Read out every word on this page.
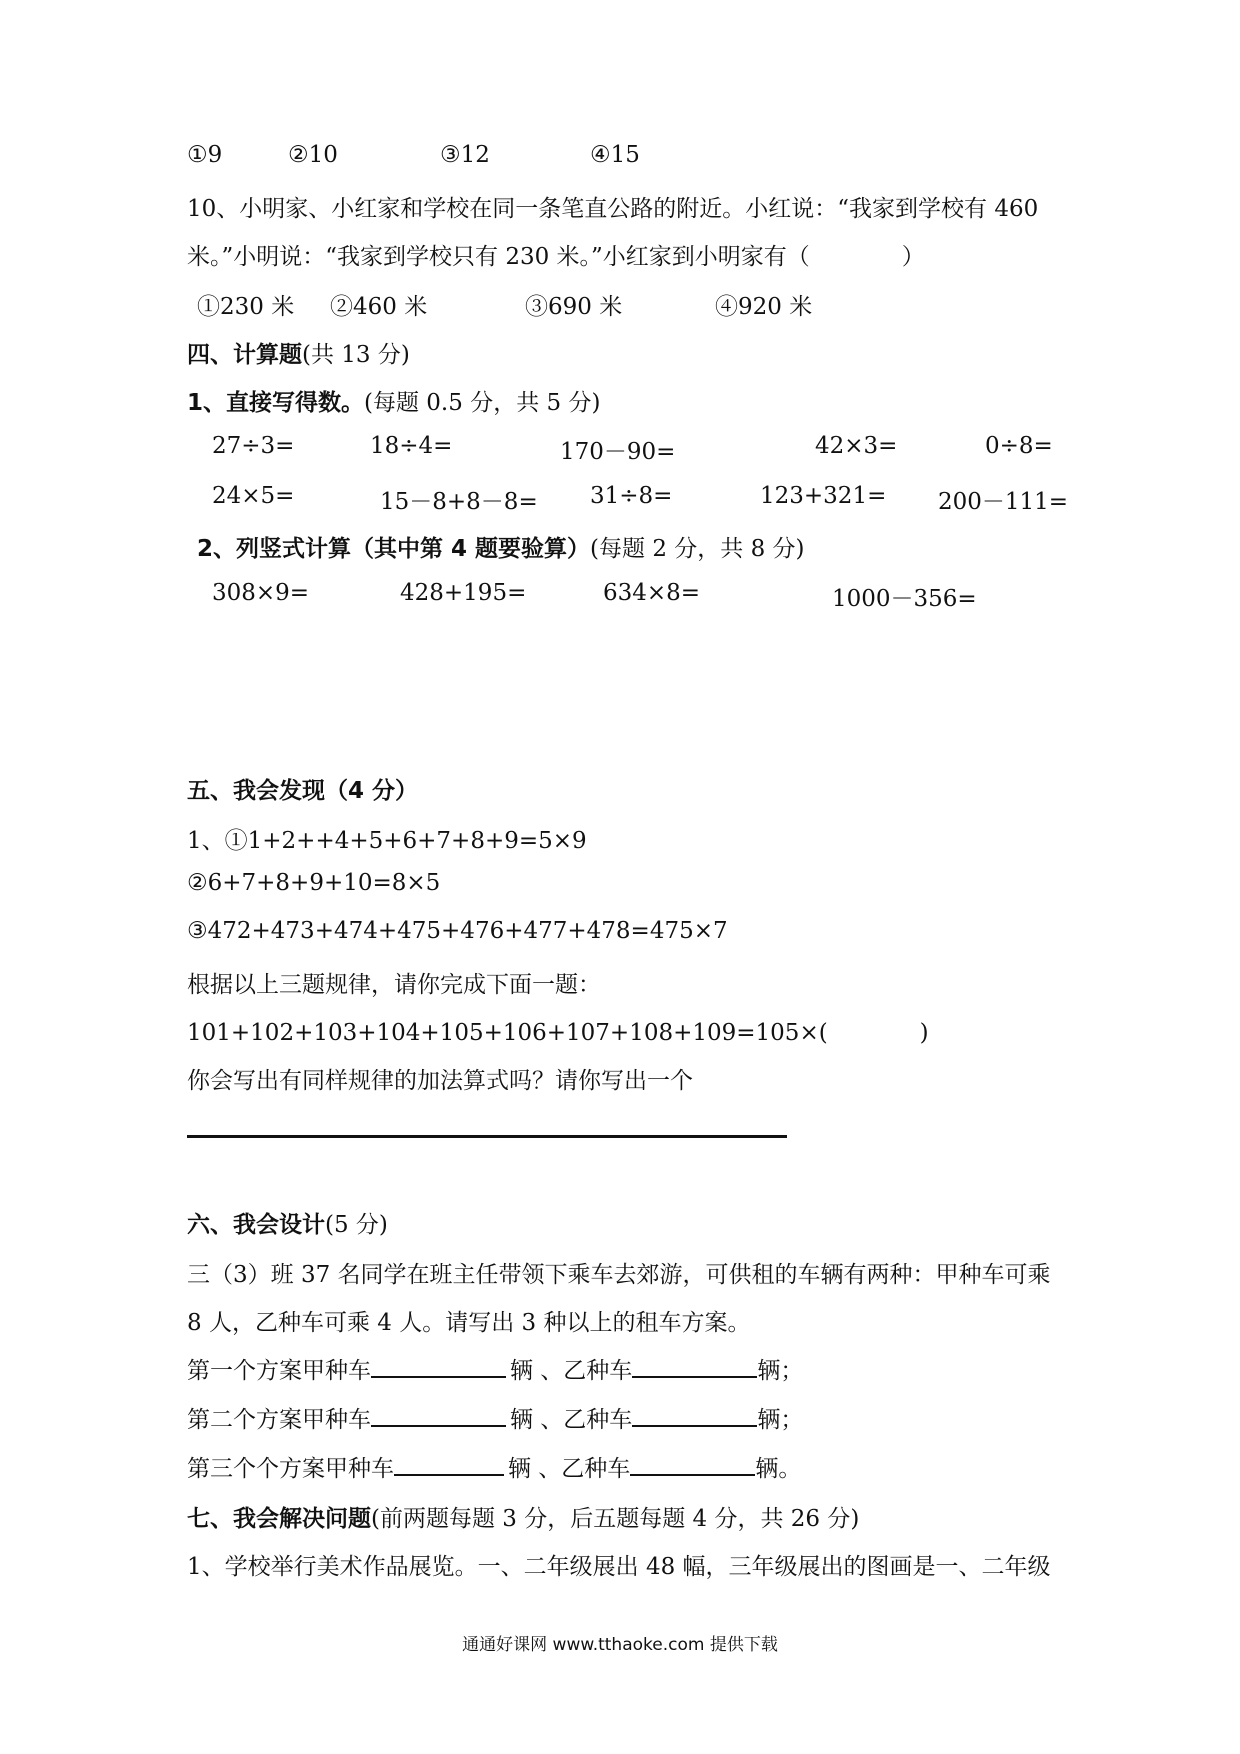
①9	②10	③12	④15
10、小明家、小红家和学校在同一条笔直公路的附近。小红说：“我家到学校有 460
米。”小明说：“我家到学校只有 230 米。”小红家到小明家有（　　　　）
①230 米 ②460 米	③690 米	④920 米
四、计算题(共 13 分)
1、直接写得数。(每题 0.5 分，共 5 分)
27÷3=	18÷4=	170－90=	42×3=	0÷8=
24×5=	15－8+8－8= 31÷8=	123+321= 200－111=
2、列竖式计算（其中第 4 题要验算）(每题 2 分，共 8 分)
308×9=	428+195=	634×8=	1000－356=
五、我会发现（4 分）
1、①1+2++4+5+6+7+8+9=5×9
②6+7+8+9+10=8×5
③472+473+474+475+476+477+478=475×7
根据以上三题规律，请你完成下面一题：
101+102+103+104+105+106+107+108+109=105×(　　　　)
你会写出有同样规律的加法算式吗？请你写出一个
六、我会设计(5 分)
三（3）班 37 名同学在班主任带领下乘车去郊游，可供租的车辆有两种：甲种车可乘
8 人，乙种车可乘 4 人。请写出 3 种以上的租车方案。
第一个方案甲种车	辆 、乙种车	辆；
第二个方案甲种车	辆 、乙种车	辆；
第三个个方案甲种车	辆 、乙种车	辆。
七、我会解决问题(前两题每题 3 分，后五题每题 4 分，共 26 分)
1、学校举行美术作品展览。一、二年级展出 48 幅，三年级展出的图画是一、二年级
通通好课网 www.tthaoke.com 提供下载
